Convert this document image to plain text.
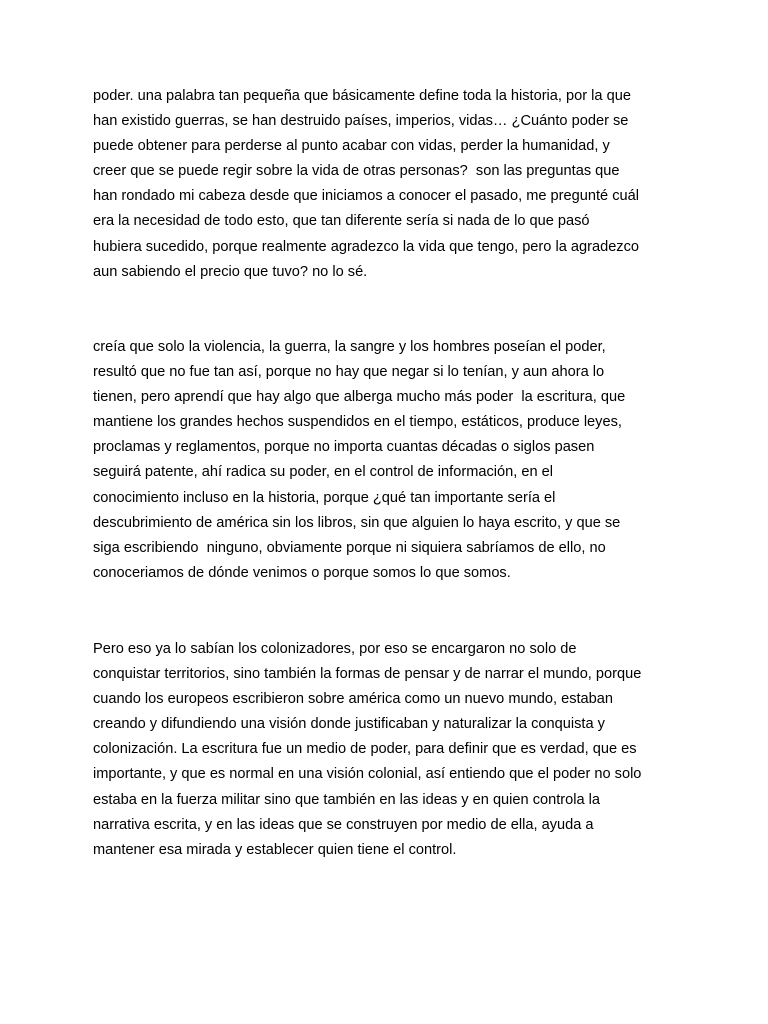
poder. una palabra tan pequeña que básicamente define toda la historia, por la que
han existido guerras, se han destruido países, imperios, vidas… ¿Cuánto poder se
puede obtener para perderse al punto acabar con vidas, perder la humanidad, y
creer que se puede regir sobre la vida de otras personas?  son las preguntas que
han rondado mi cabeza desde que iniciamos a conocer el pasado, me pregunté cuál
era la necesidad de todo esto, que tan diferente sería si nada de lo que pasó
hubiera sucedido, porque realmente agradezco la vida que tengo, pero la agradezco
aun sabiendo el precio que tuvo? no lo sé.

creía que solo la violencia, la guerra, la sangre y los hombres poseían el poder,
resultó que no fue tan así, porque no hay que negar si lo tenían, y aun ahora lo
tienen, pero aprendí que hay algo que alberga mucho más poder  la escritura, que
mantiene los grandes hechos suspendidos en el tiempo, estáticos, produce leyes,
proclamas y reglamentos, porque no importa cuantas décadas o siglos pasen
seguirá patente, ahí radica su poder, en el control de información, en el
conocimiento incluso en la historia, porque ¿qué tan importante sería el
descubrimiento de américa sin los libros, sin que alguien lo haya escrito, y que se
siga escribiendo  ninguno, obviamente porque ni siquiera sabríamos de ello, no
conoceriamos de dónde venimos o porque somos lo que somos.

Pero eso ya lo sabían los colonizadores, por eso se encargaron no solo de
conquistar territorios, sino también la formas de pensar y de narrar el mundo, porque
cuando los europeos escribieron sobre américa como un nuevo mundo, estaban
creando y difundiendo una visión donde justificaban y naturalizar la conquista y
colonización. La escritura fue un medio de poder, para definir que es verdad, que es
importante, y que es normal en una visión colonial, así entiendo que el poder no solo
estaba en la fuerza militar sino que también en las ideas y en quien controla la
narrativa escrita, y en las ideas que se construyen por medio de ella, ayuda a
mantener esa mirada y establecer quien tiene el control.
